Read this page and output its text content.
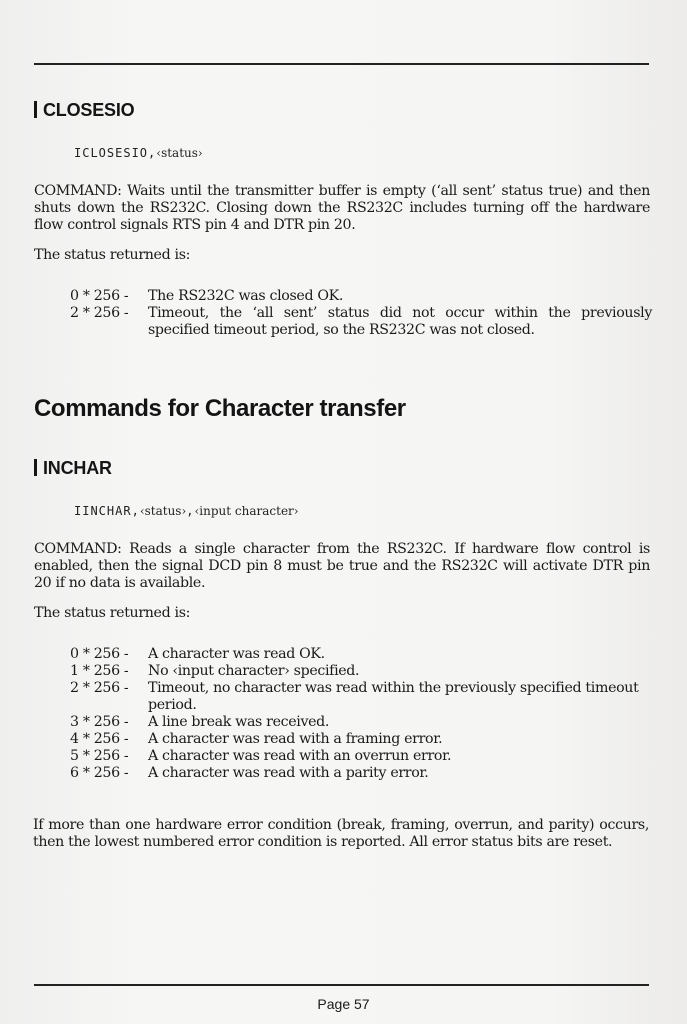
CLOSESIO
ICLOSESIO,‹status›
COMMAND: Waits until the transmitter buffer is empty (‘all sent’ status true) and then shuts down the RS232C. Closing down the RS232C includes turning off the hardware flow control signals RTS pin 4 and DTR pin 20.
The status returned is:
0 * 256 -	The RS232C was closed OK.
2 * 256 -	Timeout, the ‘all sent’ status did not occur within the previously specified timeout period, so the RS232C was not closed.
Commands for Character transfer
INCHAR
IINCHAR,‹status›,‹input character›
COMMAND: Reads a single character from the RS232C. If hardware flow control is enabled, then the signal DCD pin 8 must be true and the RS232C will activate DTR pin 20 if no data is available.
The status returned is:
0 * 256 -	A character was read OK.
1 * 256 -	No ‹input character› specified.
2 * 256 -	Timeout, no character was read within the previously specified timeout period.
3 * 256 -	A line break was received.
4 * 256 -	A character was read with a framing error.
5 * 256 -	A character was read with an overrun error.
6 * 256 -	A character was read with a parity error.
If more than one hardware error condition (break, framing, overrun, and parity) occurs, then the lowest numbered error condition is reported. All error status bits are reset.
Page 57
